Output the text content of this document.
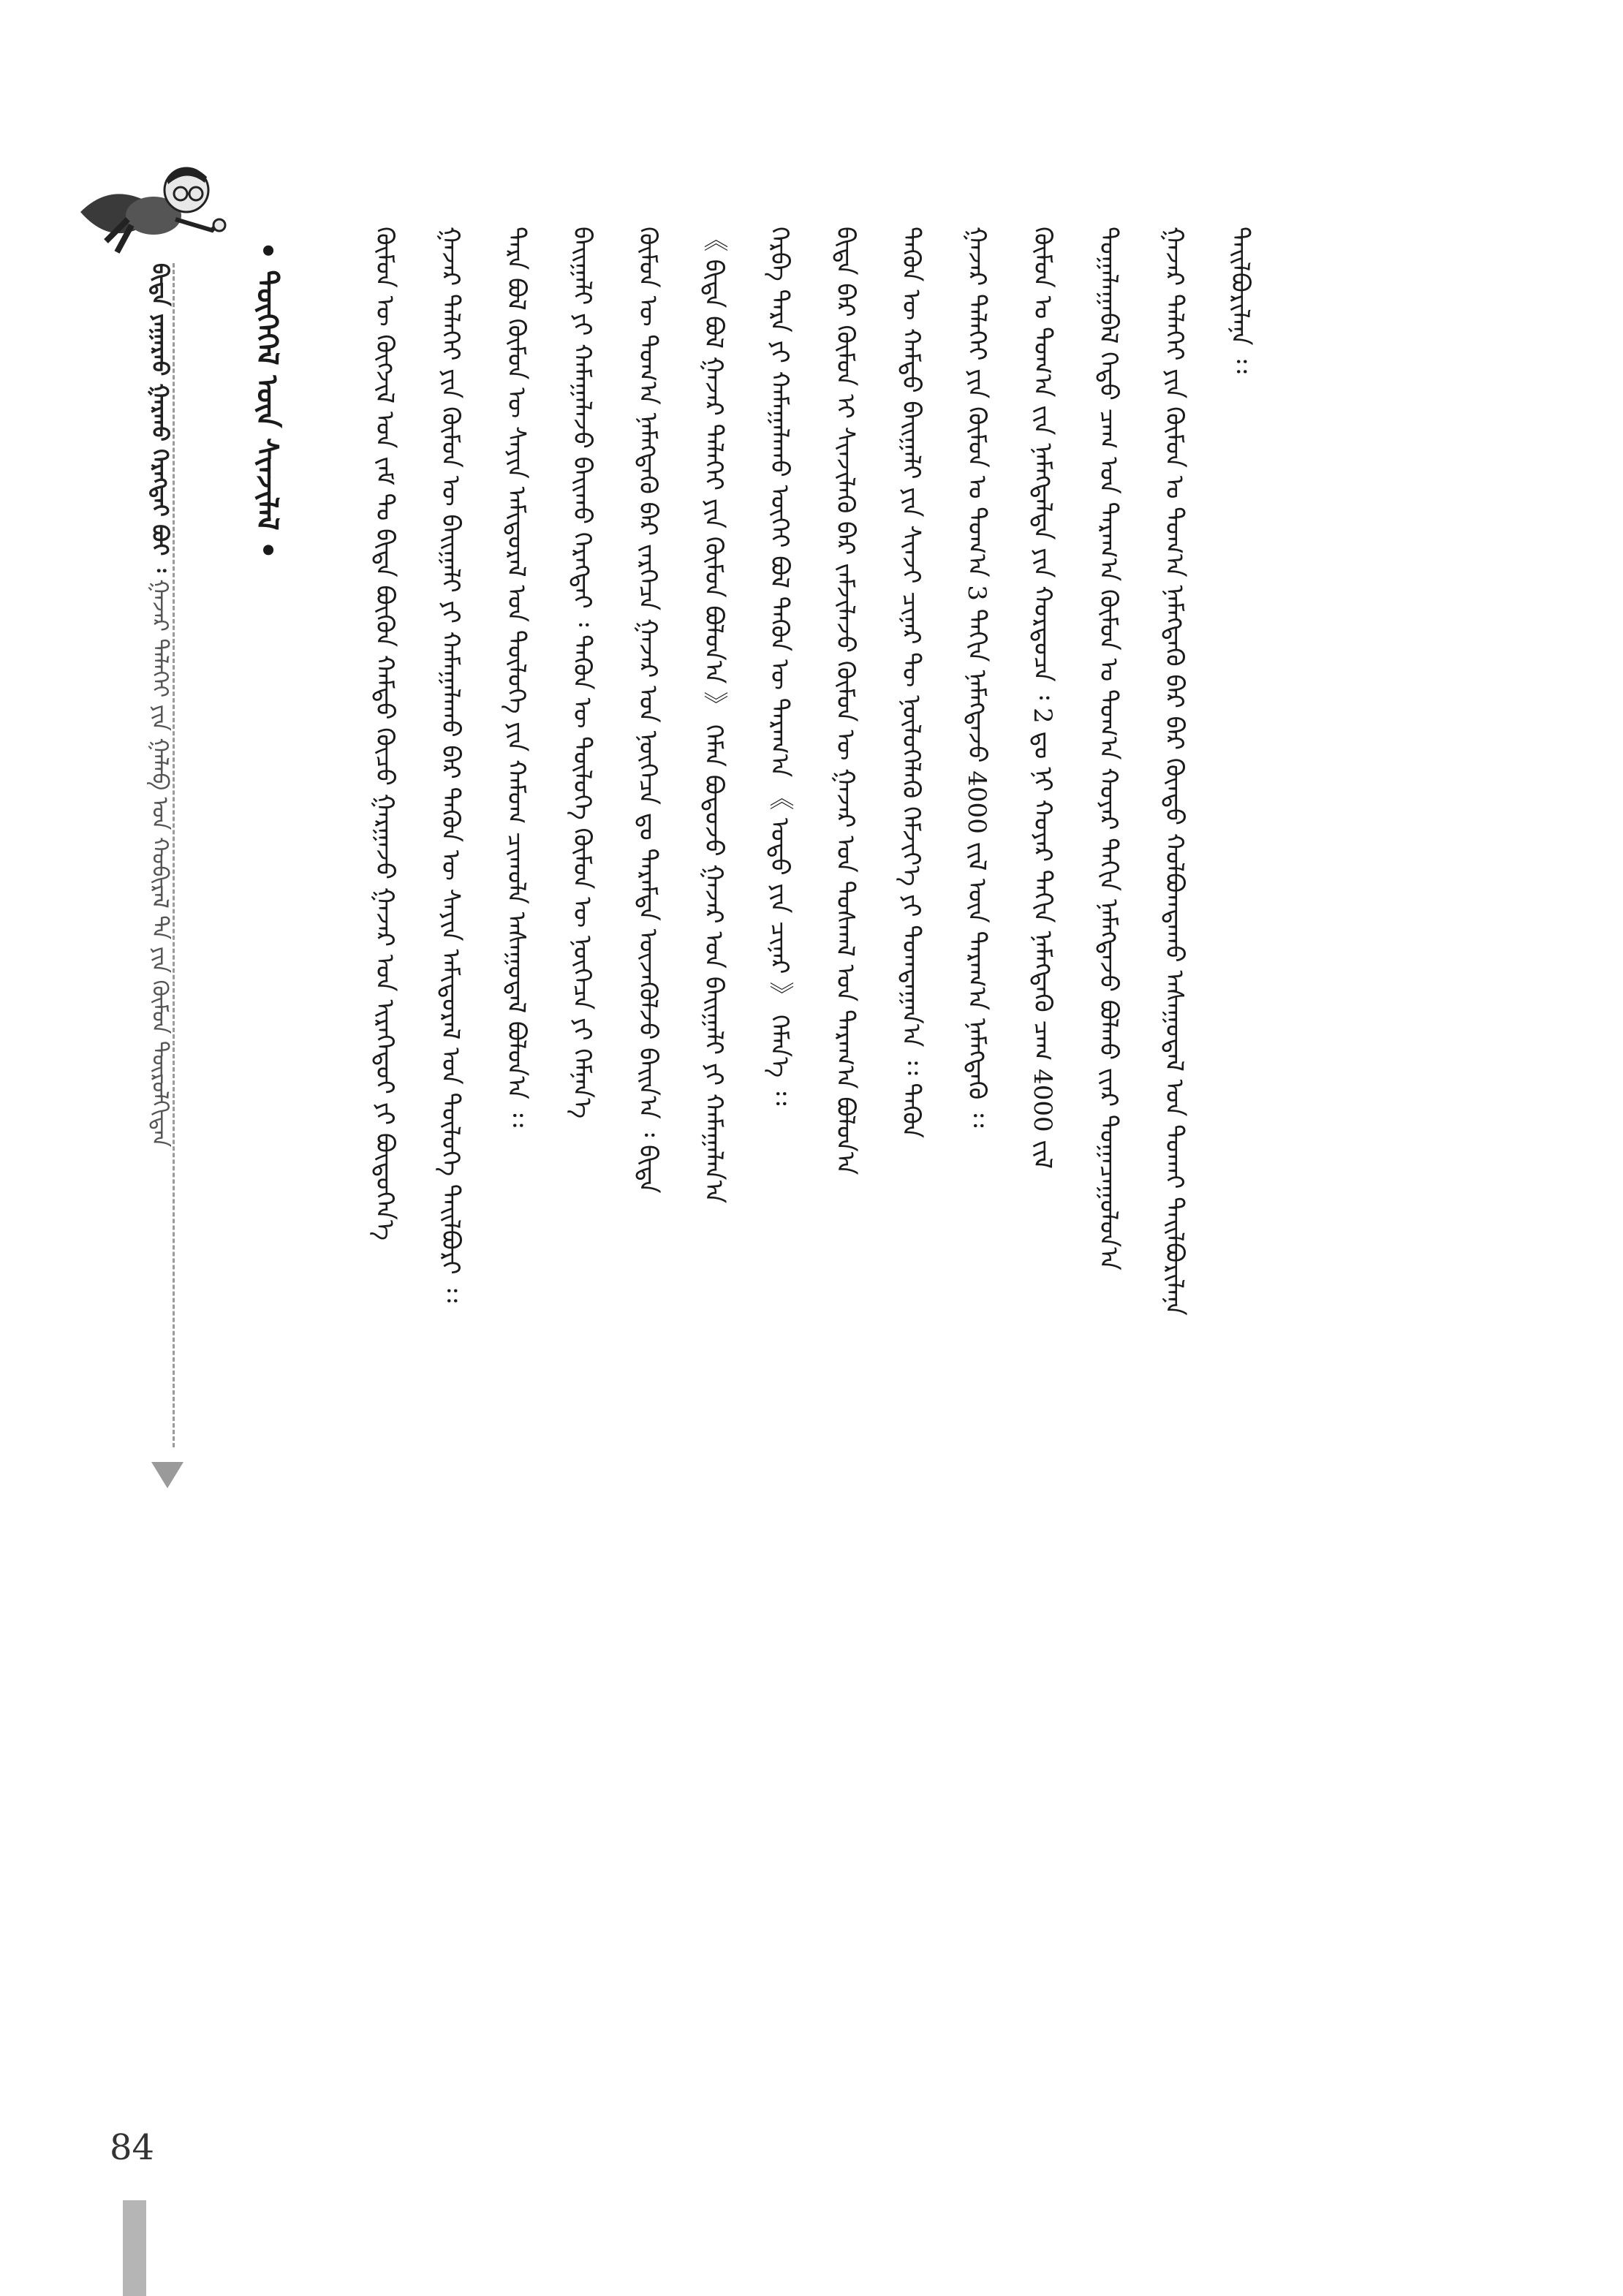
ᠪᠢᠳᠡ ᠶᠠᠭᠠᠷᠠᠤ ᠭᠠᠷᠬᠤ ᠬᠡᠷᠡᠭᠲᠡᠢ ᠪᠤᠢ ᠄ ᠭᠠᠵᠠᠷ ᠳᠡᠯᠡᠬᠡᠢ ᠶᠢᠨ ᠭᠠᠯᠠᠪ ᠤᠨ ᠬᠤᠪᠢᠷᠠᠯ ᠲᠠ ᠶᠢᠨ ᠬᠦᠮᠦᠨ ᠲᠥᠷᠦᠯᠬᠢᠲᠡᠨ
• ᠲᠥᠭᠡᠭᠡᠯ ᠦᠨ ᠰᠢᠨᠵᠢᠯᠡᠯ •
ᠲᠠᠢᠯᠪᠤᠷᠢᠯᠠᠨᠠ ᠄᠄
ᠭᠠᠵᠠᠷ ᠳᠡᠯᠡᠬᠡᠢ ᠶᠢᠨ ᠬᠦᠮᠦᠨ ᠤ ᠲᠣᠭ᠎ᠠ ᠨᠡᠮᠡᠭᠳᠡᠬᠦ ᠪᠡᠷ ᠪᠠᠷ ᠬᠦᠨᠳᠦ ᠬᠣᠯᠪᠣᠭᠳᠠᠬᠤ ᠠᠰᠠᠭᠤᠳᠠᠯ ᠤᠨ ᠲᠤᠬᠠᠢ ᠲᠠᠢᠯᠪᠤᠷᠢᠯᠠᠨᠠ
ᠲᠣᠭᠠᠯᠠᠭᠠᠪᠠᠯ ᠬᠡᠳᠦ ᠴᠠᠭ ᠤᠨ ᠳᠠᠷᠠᠭ᠎ᠠ ᠬᠦᠮᠦᠨ ᠤ ᠲᠣᠭ᠎ᠠ ᠬᠣᠶᠠᠷ ᠳᠠᠬᠢᠨ ᠨᠡᠮᠡᠭᠳᠡᠵᠦ ᠪᠣᠯᠬᠤ ᠵᠢᠡᠷ ᠲᠣᠭᠠᠴᠠᠭᠤᠯᠤᠨ᠎ᠠ
ᠬᠦᠮᠦᠨ ᠤ ᠲᠣᠭ᠎ᠠ ᠵᠢᠨ ᠨᠡᠮᠡᠭᠳᠡᠯᠲᠡ ᠶᠢᠨ ᠬᠤᠷᠳᠤᠴᠠ ᠄ 2 ᠳᠤ ᠨᠢ ᠬᠣᠶᠠᠷ ᠳᠠᠬᠢᠨ ᠨᠡᠮᠡᠭᠳᠡᠬᠦ ᠴᠠᠭ 4000 ᠵᠢᠯ
ᠭᠠᠵᠠᠷ ᠳᠡᠯᠡᠬᠡᠢ ᠶᠢᠨ ᠬᠦᠮᠦᠨ ᠤ ᠲᠣᠭ᠎ᠠ 3 ᠳᠠᠬᠢᠨ ᠨᠡᠮᠡᠭᠳᠡᠵᠦ 4000 ᠵᠢᠯ ᠦᠨ ᠳᠠᠷᠠᠭ᠎ᠠ ᠨᠡᠮᠡᠭᠳᠡᠬᠦ ᠄᠄
ᠲᠡᠭᠦᠨ ᠦ ᠬᠠᠮᠲᠤ ᠪᠠᠢᠭᠠᠯᠢ ᠶᠢᠨ ᠰᠢᠨᠵᠢ ᠴᠢᠨᠠᠷ ᠲᠦ ᠨᠥᠯᠦᠭᠡᠯᠡᠬᠦ ᠬᠡᠮᠵᠢᠶ᠎ᠡ ᠶᠢ ᠲᠣᠭᠲᠠᠭᠠᠨ᠎ᠠ ᠄᠄ ᠲᠡᠭᠦᠨ
ᠪᠢᠳᠡ ᠪᠠᠷ ᠬᠦᠮᠦᠨ ᠢ ᠰᠢᠨᠵᠢᠯᠡᠬᠦ ᠪᠡᠷ ᠵᠠᠮᠵᠢᠯᠠᠵᠤ ᠬᠦᠮᠦᠨ ᠦ ᠭᠠᠵᠠᠷ ᠤᠨ ᠲᠣᠰᠬᠠᠯ ᠤᠨ ᠳᠠᠷᠠᠭ᠎ᠠ ᠪᠣᠯᠤᠨ᠎ᠠ
ᠬᠡᠷᠪᠡ ᠲᠡᠷᠡ ᠶᠢ ᠬᠠᠮᠠᠭᠠᠯᠠᠬᠤ ᠦᠭᠡᠢ ᠪᠣᠯ ᠲᠡᠭᠦᠨ ᠦ ᠳᠠᠷᠠᠭ᠎ᠠ 《 ᠣᠳᠣ ᠶᠢᠨ ᠴᠢᠨᠠᠷ 》 ᠬᠡᠮᠡᠨ᠎ᠡ ᠄᠄
《 ᠪᠢᠳᠡ ᠪᠣᠯ ᠭᠠᠵᠠᠷ ᠳᠡᠯᠡᠬᠡᠢ ᠶᠢᠨ ᠬᠦᠮᠦᠨ ᠪᠣᠯᠤᠨ᠎ᠠ 》 ᠬᠡᠮᠡᠨ ᠪᠣᠳᠣᠵᠤ ᠭᠠᠵᠠᠷ ᠤᠨ ᠪᠠᠢᠭᠠᠯᠢ ᠶᠢ ᠬᠠᠮᠠᠭᠠᠯᠠᠨ᠎ᠠ
ᠬᠦᠮᠦᠨ ᠦ ᠲᠣᠭ᠎ᠠ ᠨᠡᠮᠡᠭᠳᠡᠬᠦ ᠪᠡᠷ ᠵᠡᠷᠭᠡᠴᠡ ᠭᠠᠵᠠᠷ ᠤᠨ ᠨᠥᠭᠡᠴᠡ ᠳᠤ ᠳᠠᠷᠠᠮᠲᠠ ᠦᠵᠡᠭᠦᠯᠵᠦ ᠪᠠᠢᠨ᠎ᠠ ᠄ ᠪᠢᠳᠡ
ᠪᠠᠢᠭᠠᠯᠢ ᠶᠢ ᠬᠠᠮᠠᠭᠠᠯᠠᠵᠤ ᠪᠠᠢᠬᠤ ᠬᠡᠷᠡᠭᠲᠡᠢ ᠄ ᠲᠡᠭᠦᠨ ᠦ ᠲᠥᠯᠦᠭᠡ ᠬᠦᠮᠦᠨ ᠦ ᠨᠥᠭᠡᠴᠡ ᠶᠢ ᠬᠡᠮᠨᠡᠨ᠎ᠡ
ᠲᠡᠷᠡ ᠪᠣᠯ ᠬᠦᠮᠦᠨ ᠦ ᠰᠠᠶᠢᠨ ᠠᠮᠢᠳᠤᠷᠠᠯ ᠤᠨ ᠲᠥᠯᠦᠭᠡ ᠶᠢᠨ ᠬᠠᠮᠤᠭ ᠴᠢᠬᠤᠯᠠ ᠠᠰᠠᠭᠤᠳᠠᠯ ᠪᠣᠯᠤᠨ᠎ᠠ ᠄᠄
ᠭᠠᠵᠠᠷ ᠳᠡᠯᠡᠬᠡᠢ ᠶᠢᠨ ᠬᠦᠮᠦᠨ ᠦ ᠪᠠᠢᠭᠠᠯᠢ ᠶᠢ ᠬᠠᠮᠠᠭᠠᠯᠠᠬᠤ ᠪᠡᠷ ᠲᠡᠭᠦᠨ ᠦ ᠰᠠᠶᠢᠨ ᠠᠮᠢᠳᠤᠷᠠᠯ ᠤᠨ ᠲᠥᠯᠦᠭᠡ ᠲᠠᠢᠯᠪᠤᠷᠢ ᠄᠄
ᠬᠦᠮᠦᠨ ᠦ ᠬᠥᠭᠵᠢᠯ ᠤᠨ ᠵᠠᠮ ᠲᠤ ᠪᠢᠳᠡ ᠪᠦᠬᠦᠨ ᠬᠠᠮᠲᠤ ᠬᠦᠴᠦ ᠭᠠᠷᠭᠠᠵᠤ ᠭᠠᠵᠠᠷ ᠤᠨ ᠢᠷᠡᠭᠡᠳᠦᠢ ᠶᠢ ᠪᠦᠲᠦᠭᠡᠨ᠎ᠡ
84
